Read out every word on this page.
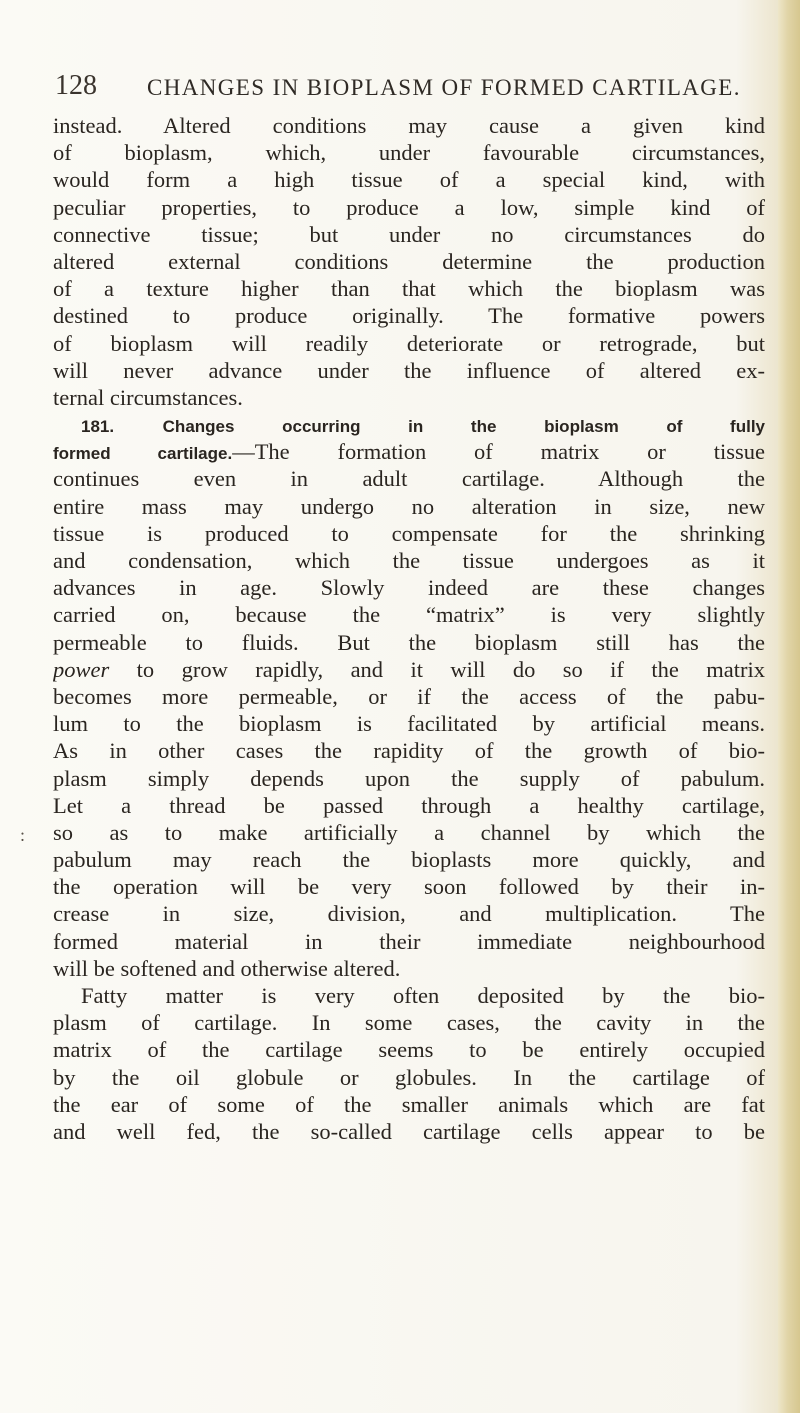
128 CHANGES IN BIOPLASM OF FORMED CARTILAGE.
:
instead. Altered conditions may cause a given kind
of bioplasm, which, under favourable circumstances,
would form a high tissue of a special kind, with
peculiar properties, to produce a low, simple kind of
connective tissue; but under no circumstances do
altered external conditions determine the production
of a texture higher than that which the bioplasm was
destined to produce originally. The formative powers
of bioplasm will readily deteriorate or retrograde, but
will never advance under the influence of altered ex-
ternal circumstances.
181.	Changes occurring in the bioplasm of fully
formed cartilage.—The formation of matrix or tissue
continues even in adult cartilage. Although the
entire mass may undergo no alteration in size, new
tissue is produced to compensate for the shrinking
and condensation, which the tissue undergoes as it
advances in age. Slowly indeed are these changes
carried on, because the “matrix” is very slightly
permeable to fluids. But the bioplasm still has the
power to grow rapidly, and it will do so if the matrix
becomes more permeable, or if the access of the pabu-
lum to the bioplasm is facilitated by artificial means.
As in other cases the rapidity of the growth of bio-
plasm simply depends upon the supply of pabulum.
Let a thread be passed through a healthy cartilage,
so as to make artificially a channel by which the
pabulum may reach the bioplasts more quickly, and
the operation will be very soon followed by their in-
crease in size, division, and multiplication. The
formed material in their immediate neighbourhood
will be softened and otherwise altered.
Fatty matter is very often deposited by the bio-
plasm of cartilage. In some cases, the cavity in the
matrix of the cartilage seems to be entirely occupied
by the oil globule or globules. In the cartilage of
the ear of some of the smaller animals which are fat
and well fed, the so-called cartilage cells appear to be
